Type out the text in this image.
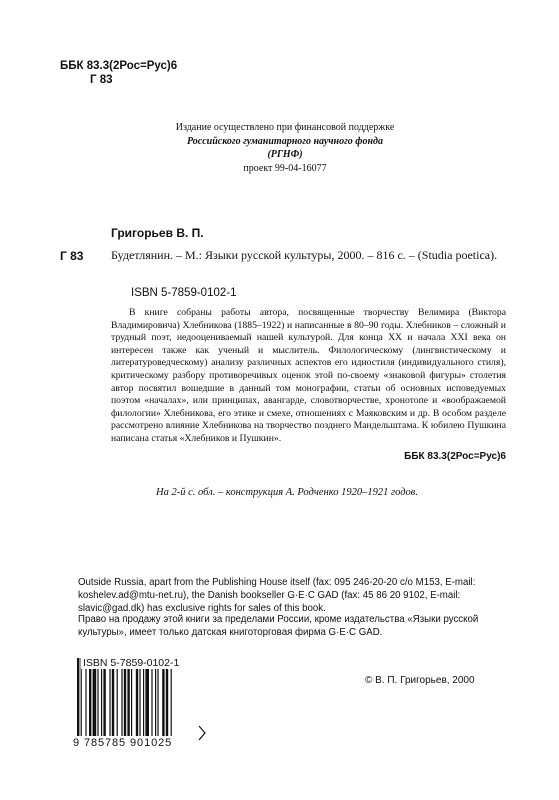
ББК 83.3(2Рос=Рус)6
Г 83
Издание осуществлено при финансовой поддержке
Российского гуманитарного научного фонда
(РГНФ)
проект 99-04-16077
Григорьев В. П.
Г 83 Будетлянин. – М.: Языки русской культуры, 2000. – 816 с. – (Studia poetica).
ISBN 5-7859-0102-1
В книге собраны работы автора, посвященные творчеству Велимира (Виктора Владимировича) Хлебникова (1885–1922) и написанные в 80–90 годы. Хлебников – сложный и трудный поэт, недооцениваемый нашей культурой. Для конца XX и начала XXI века он интересен также как ученый и мыслитель. Филологическому (лингвистическому и литературоведческому) анализу различных аспектов его идиостиля (индивидуального стиля), критическому разбору противоречивых оценок этой по-своему «знаковой фигуры» столетия автор посвятил вошедшие в данный том монографии, статьи об основных исповедуемых поэтом «началах», или принципах, авангарде, словотворчестве, хронотопе и «воображаемой филологии» Хлебникова, его этике и смехе, отношениях с Маяковским и др. В особом разделе рассмотрено влияние Хлебникова на творчество позднего Мандельштама. К юбилею Пушкина написана статья «Хлебников и Пушкин».
ББК 83.3(2Рос=Рус)6
На 2-й с. обл. – конструкция А. Родченко 1920–1921 годов.
Outside Russia, apart from the Publishing House itself (fax: 095 246-20-20 c/o M153, E-mail: koshelev.ad@mtu-net.ru), the Danish bookseller G·E·C GAD (fax: 45 86 20 9102, E-mail: slavic@gad.dk) has exclusive rights for sales of this book.
Право на продажу этой книги за пределами России, кроме издательства «Языки русской культуры», имеет только датская книготорговая фирма G·E·C GAD.
ISBN 5-7859-0102-1
9 785785 901025
© В. П. Григорьев, 2000
